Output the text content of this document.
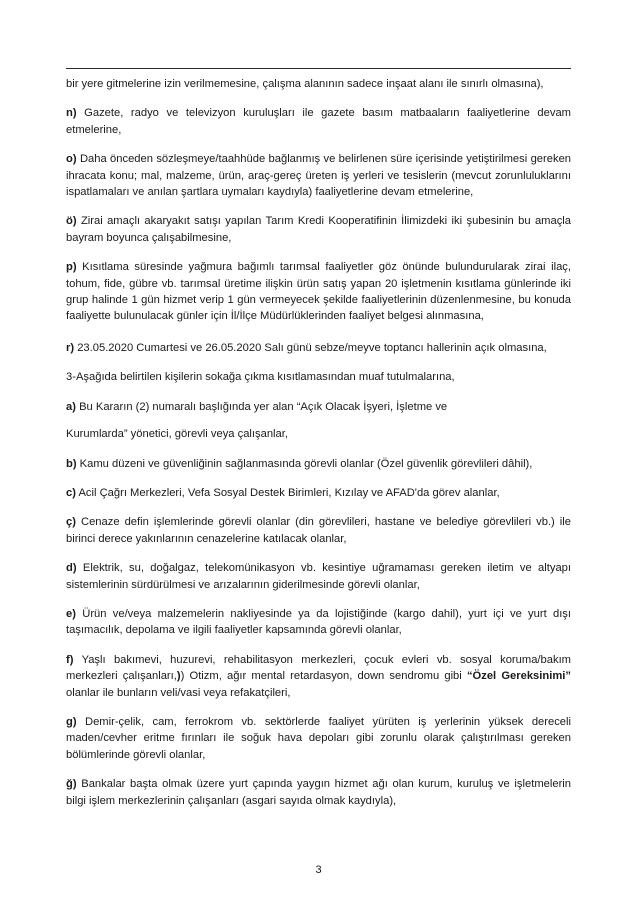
bir yere gitmelerine izin verilmemesine, çalışma alanının sadece inşaat alanı ile sınırlı olmasına),

n) Gazete, radyo ve televizyon kuruluşları ile gazete basım matbaaların faaliyetlerine devam etmelerine,

o) Daha önceden sözleşmeye/taahhüde bağlanmış ve belirlenen süre içerisinde yetiştirilmesi gereken ihracata konu; mal, malzeme, ürün, araç-gereç üreten iş yerleri ve tesislerin (mevcut zorunluluklarını ispatlamaları ve anılan şartlara uymaları kaydıyla) faaliyetlerine devam etmelerine,

ö) Zirai amaçlı akaryakıt satışı yapılan Tarım Kredi Kooperatifinin İlimizdeki iki şubesinin bu amaçla bayram boyunca çalışabilmesine,

p) Kısıtlama süresinde yağmura bağımlı tarımsal faaliyetler göz önünde bulundurularak zirai ilaç, tohum, fide, gübre vb. tarımsal üretime ilişkin ürün satış yapan 20 işletmenin kısıtlama günlerinde iki grup halinde 1 gün hizmet verip 1 gün vermeyecek şekilde faaliyetlerinin düzenlenmesine, bu konuda faaliyette bulunulacak günler için İl/İlçe Müdürlüklerinden faaliyet belgesi alınmasına,

r) 23.05.2020 Cumartesi ve 26.05.2020 Salı günü sebze/meyve toptancı hallerinin açık olmasına,

3-Aşağıda belirtilen kişilerin sokağa çıkma kısıtlamasından muaf tutulmalarına,

a) Bu Kararın (2) numaralı başlığında yer alan “Açık Olacak İşyeri, İşletme ve

Kurumlarda” yönetici, görevli veya çalışanlar,

b) Kamu düzeni ve güvenliğinin sağlanmasında görevli olanlar (Özel güvenlik görevlileri dâhil),

c) Acil Çağrı Merkezleri, Vefa Sosyal Destek Birimleri, Kızılay ve AFAD'da görev alanlar,

ç) Cenaze defin işlemlerinde görevli olanlar (din görevlileri, hastane ve belediye görevlileri vb.) ile birinci derece yakınlarının cenazelerine katılacak olanlar,

d) Elektrik, su, doğalgaz, telekomünikasyon vb. kesintiye uğramaması gereken iletim ve altyapı sistemlerinin sürdürülmesi ve arızalarının giderilmesinde görevli olanlar,

e) Ürün ve/veya malzemelerin nakliyesinde ya da lojistiğinde (kargo dahil), yurt içi ve yurt dışı taşımacılık, depolama ve ilgili faaliyetler kapsamında görevli olanlar,

f) Yaşlı bakımevi, huzurevi, rehabilitasyon merkezleri, çocuk evleri vb. sosyal koruma/bakım merkezleri çalışanları,)) Otizm, ağır mental retardasyon, down sendromu gibi “Özel Gereksinimi” olanlar ile bunların veli/vasi veya refakatçileri,

g) Demir-çelik, cam, ferrokrom vb. sektörlerde faaliyet yürüten iş yerlerinin yüksek dereceli maden/cevher eritme fırınları ile soğuk hava depoları gibi zorunlu olarak çalıştırılması gereken bölümlerinde görevli olanlar,

ğ) Bankalar başta olmak üzere yurt çapında yaygın hizmet ağı olan kurum, kuruluş ve işletmelerin bilgi işlem merkezlerinin çalışanları (asgari sayıda olmak kaydıyla),

3
